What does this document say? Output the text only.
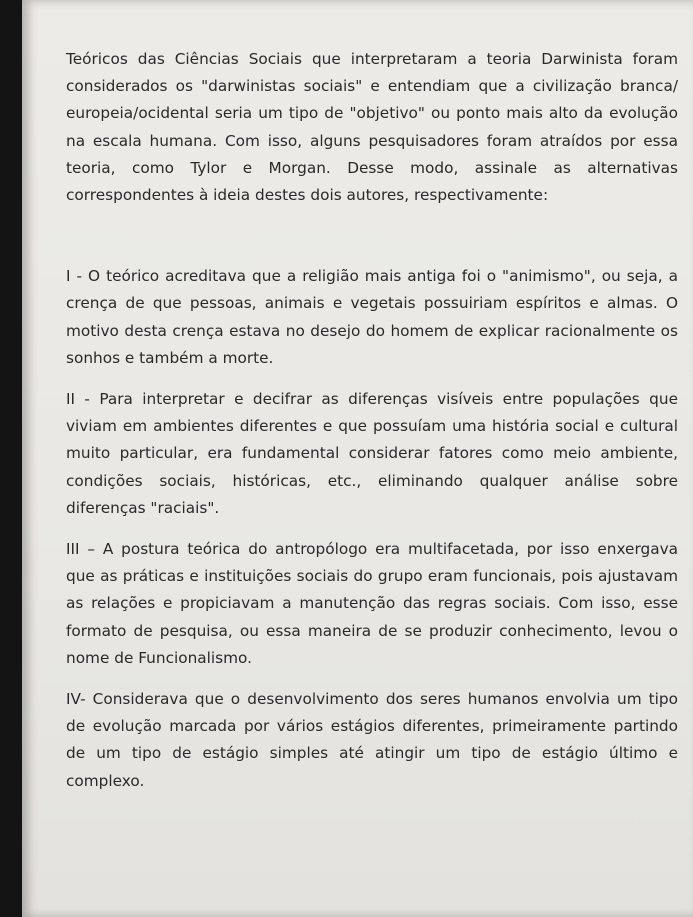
Teóricos das Ciências Sociais que interpretaram a teoria Darwinista foram considerados os "darwinistas sociais" e entendiam que a civilização branca/ europeia/ocidental seria um tipo de "objetivo" ou ponto mais alto da evolução na escala humana. Com isso, alguns pesquisadores foram atraídos por essa teoria, como Tylor e Morgan. Desse modo, assinale as alternativas correspondentes à ideia destes dois autores, respectivamente:

I - O teórico acreditava que a religião mais antiga foi o "animismo", ou seja, a crença de que pessoas, animais e vegetais possuiriam espíritos e almas. O motivo desta crença estava no desejo do homem de explicar racionalmente os sonhos e também a morte.

II - Para interpretar e decifrar as diferenças visíveis entre populações que viviam em ambientes diferentes e que possuíam uma história social e cultural muito particular, era fundamental considerar fatores como meio ambiente, condições sociais, históricas, etc., eliminando qualquer análise sobre diferenças "raciais".

III – A postura teórica do antropólogo era multifacetada, por isso enxergava que as práticas e instituições sociais do grupo eram funcionais, pois ajustavam as relações e propiciavam a manutenção das regras sociais. Com isso, esse formato de pesquisa, ou essa maneira de se produzir conhecimento, levou o nome de Funcionalismo.

IV- Considerava que o desenvolvimento dos seres humanos envolvia um tipo de evolução marcada por vários estágios diferentes, primeiramente partindo de um tipo de estágio simples até atingir um tipo de estágio último e complexo.
